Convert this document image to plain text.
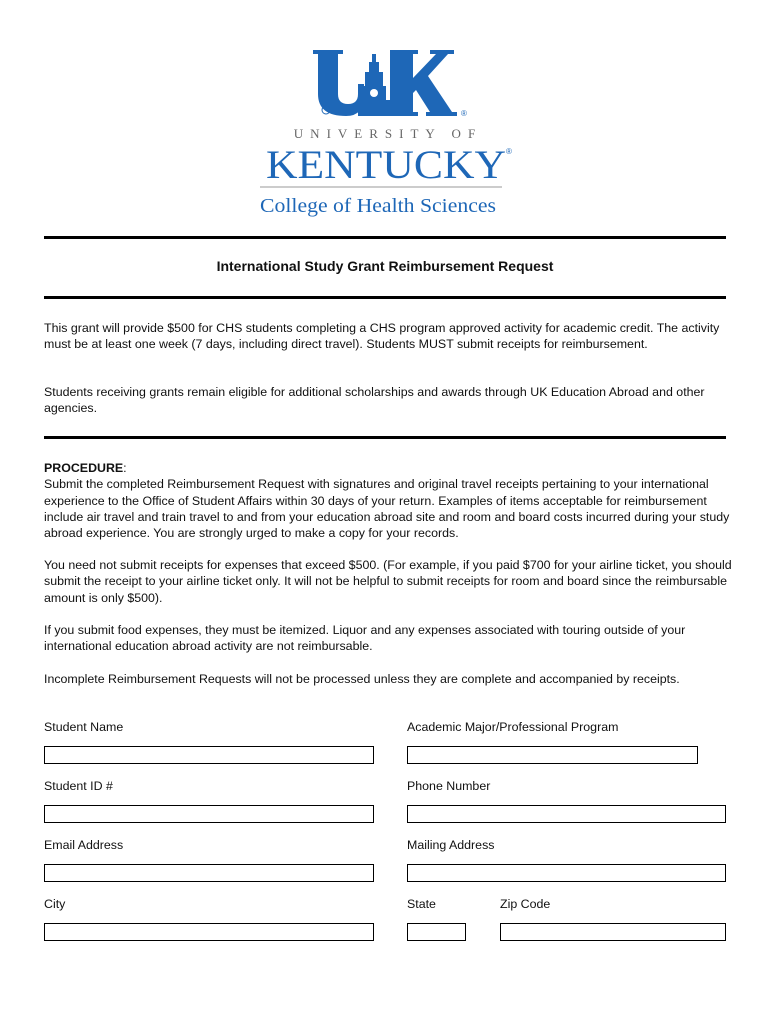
®
UNIVERSITY OF
KENTUCKY ®
College of Health Sciences
International Study Grant Reimbursement Request

This grant will provide $500 for CHS students completing a CHS program approved activity for academic credit. The activity must be at least one week (7 days, including direct travel). Students MUST submit receipts for reimbursement.

Students receiving grants remain eligible for additional scholarships and awards through UK Education Abroad and other agencies.

PROCEDURE:
Submit the completed Reimbursement Request with signatures and original travel receipts pertaining to your international experience to the Office of Student Affairs within 30 days of your return. Examples of items acceptable for reimbursement include air travel and train travel to and from your education abroad site and room and board costs incurred during your study abroad experience. You are strongly urged to make a copy for your records.

You need not submit receipts for expenses that exceed $500. (For example, if you paid $700 for your airline ticket, you should submit the receipt to your airline ticket only. It will not be helpful to submit receipts for room and board since the reimbursable amount is only $500).

If you submit food expenses, they must be itemized. Liquor and any expenses associated with touring outside of your international education abroad activity are not reimbursable.

Incomplete Reimbursement Requests will not be processed unless they are complete and accompanied by receipts.

Student Name	Academic Major/Professional Program
Student ID #	Phone Number
Email Address	Mailing Address
City	State	Zip Code
